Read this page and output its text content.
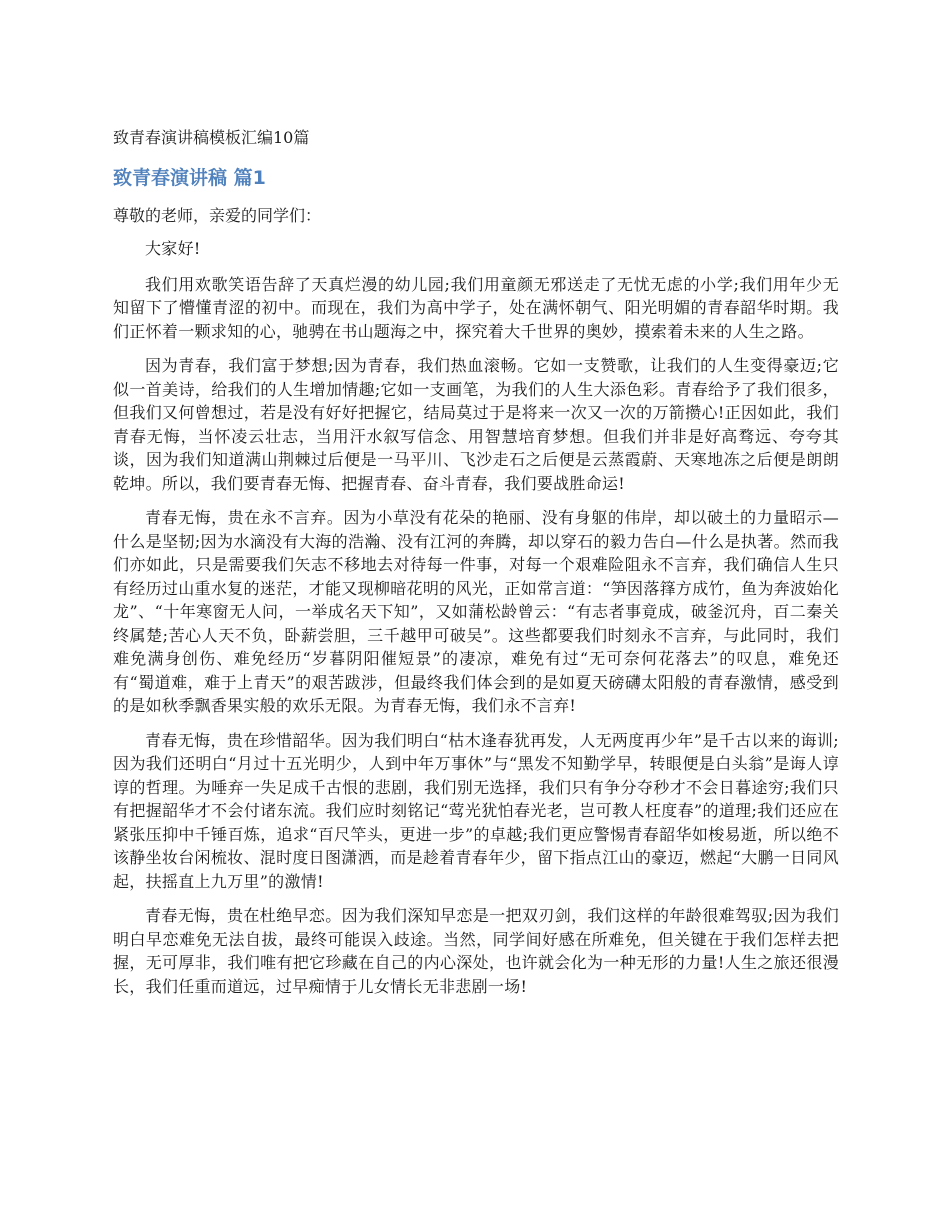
致青春演讲稿模板汇编10篇
致青春演讲稿 篇1
尊敬的老师，亲爱的同学们：

大家好!

我们用欢歌笑语告辞了天真烂漫的幼儿园;我们用童颜无邪送走了无忧无虑的小学;我们用年少无知留下了懵懂青涩的初中。而现在，我们为高中学子，处在满怀朝气、阳光明媚的青春韶华时期。我们正怀着一颗求知的心，驰骋在书山题海之中，探究着大千世界的奥妙，摸索着未来的人生之路。

因为青春，我们富于梦想;因为青春，我们热血滚畅。它如一支赞歌，让我们的人生变得豪迈;它似一首美诗，给我们的人生增加情趣;它如一支画笔，为我们的人生大添色彩。青春给予了我们很多，但我们又何曾想过，若是没有好好把握它，结局莫过于是将来一次又一次的万箭攒心!正因如此，我们青春无悔，当怀凌云壮志，当用汗水叙写信念、用智慧培育梦想。但我们并非是好高骛远、夸夸其谈，因为我们知道满山荆棘过后便是一马平川、飞沙走石之后便是云蒸霞蔚、天寒地冻之后便是朗朗乾坤。所以，我们要青春无悔、把握青春、奋斗青春，我们要战胜命运!

青春无悔，贵在永不言弃。因为小草没有花朵的艳丽、没有身躯的伟岸，却以破土的力量昭示—什么是坚韧;因为水滴没有大海的浩瀚、没有江河的奔腾，却以穿石的毅力告白—什么是执著。然而我们亦如此，只是需要我们矢志不移地去对待每一件事，对每一个艰难险阻永不言弃，我们确信人生只有经历过山重水复的迷茫，才能又现柳暗花明的风光，正如常言道：“笋因落箨方成竹，鱼为奔波始化龙”、“十年寒窗无人问，一举成名天下知”，又如蒲松龄曾云：“有志者事竟成，破釜沉舟，百二秦关终属楚;苦心人天不负，卧薪尝胆，三千越甲可破吴”。这些都要我们时刻永不言弃，与此同时，我们难免满身创伤、难免经历“岁暮阴阳催短景”的凄凉，难免有过“无可奈何花落去”的叹息，难免还有“蜀道难，难于上青天”的艰苦跋涉，但最终我们体会到的是如夏天磅礴太阳般的青春激情，感受到的是如秋季飘香果实般的欢乐无限。为青春无悔，我们永不言弃!

青春无悔，贵在珍惜韶华。因为我们明白“枯木逢春犹再发，人无两度再少年”是千古以来的诲训;因为我们还明白“月过十五光明少，人到中年万事休”与“黑发不知勤学早，转眼便是白头翁”是诲人谆谆的哲理。为唾弃一失足成千古恨的悲剧，我们别无选择，我们只有争分夺秒才不会日暮途穷;我们只有把握韶华才不会付诸东流。我们应时刻铭记“莺光犹怕春光老，岂可教人枉度春”的道理;我们还应在紧张压抑中千锤百炼，追求“百尺竿头，更进一步”的卓越;我们更应警惕青春韶华如梭易逝，所以绝不该静坐妆台闲梳妆、混时度日图潇洒，而是趁着青春年少，留下指点江山的豪迈，燃起“大鹏一日同风起，扶摇直上九万里”的激情!

青春无悔，贵在杜绝早恋。因为我们深知早恋是一把双刃剑，我们这样的年龄很难驾驭;因为我们明白早恋难免无法自拔，最终可能误入歧途。当然，同学间好感在所难免，但关键在于我们怎样去把握，无可厚非，我们唯有把它珍藏在自己的内心深处，也许就会化为一种无形的力量!人生之旅还很漫长，我们任重而道远，过早痴情于儿女情长无非悲剧一场!
